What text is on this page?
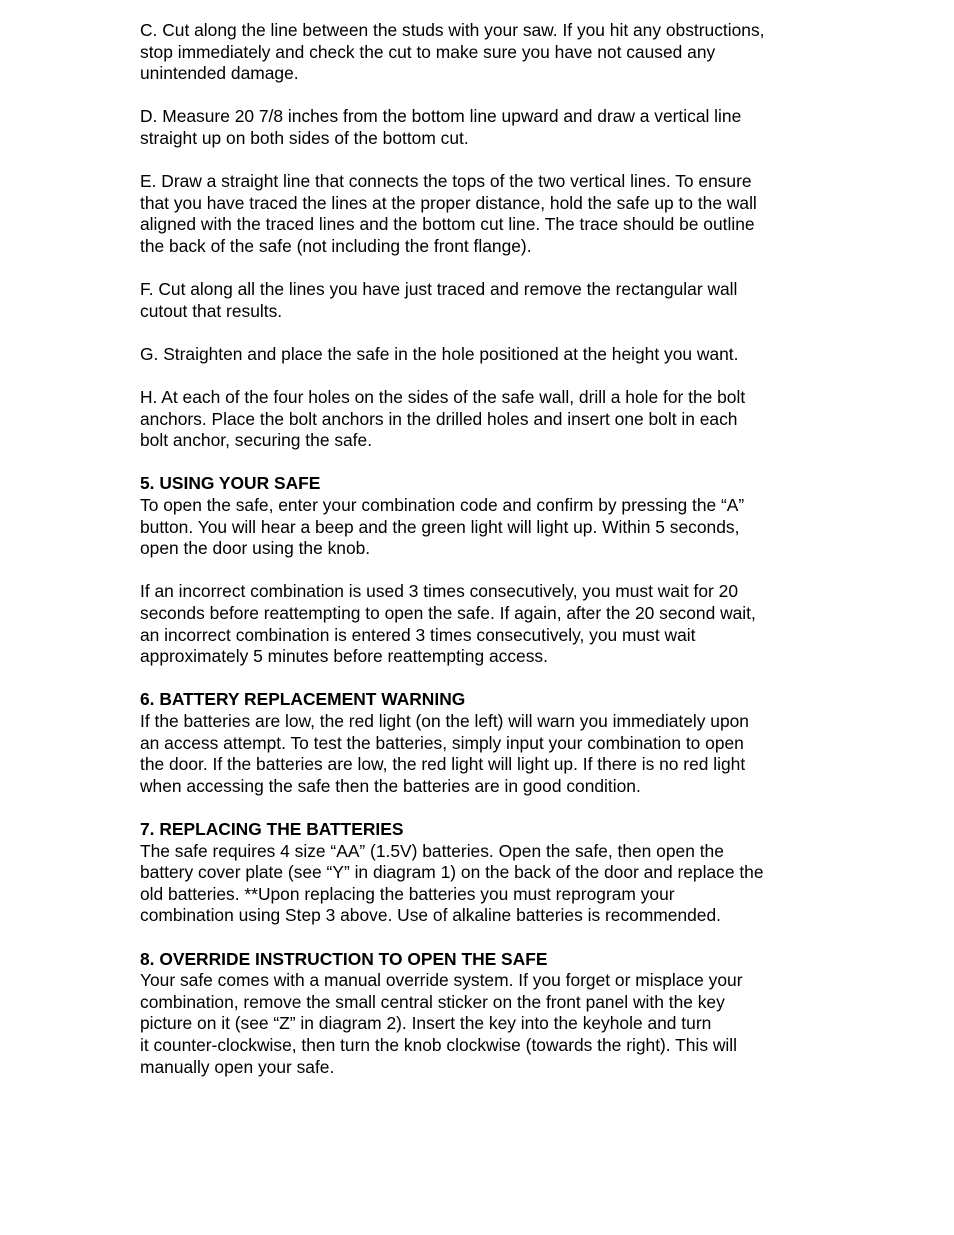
C. Cut along the line between the studs with your saw. If you hit any obstructions,
stop immediately and check the cut to make sure you have not caused any
unintended damage.

D. Measure 20 7/8 inches from the bottom line upward and draw a vertical line
straight up on both sides of the bottom cut.

E. Draw a straight line that connects the tops of the two vertical lines. To ensure
that you have traced the lines at the proper distance, hold the safe up to the wall
aligned with the traced lines and the bottom cut line. The trace should be outline
the back of the safe (not including the front flange).

F. Cut along all the lines you have just traced and remove the rectangular wall
cutout that results.

G. Straighten and place the safe in the hole positioned at the height you want.

H. At each of the four holes on the sides of the safe wall, drill a hole for the bolt
anchors. Place the bolt anchors in the drilled holes and insert one bolt in each
bolt anchor, securing the safe.

5. USING YOUR SAFE

To open the safe, enter your combination code and confirm by pressing the “A”
button. You will hear a beep and the green light will light up. Within 5 seconds,
open the door using the knob.

If an incorrect combination is used 3 times consecutively, you must wait for 20
seconds before reattempting to open the safe. If again, after the 20 second wait,
an incorrect combination is entered 3 times consecutively, you must wait
approximately 5 minutes before reattempting access.

6. BATTERY REPLACEMENT WARNING

If the batteries are low, the red light (on the left) will warn you immediately upon
an access attempt. To test the batteries, simply input your combination to open
the door. If the batteries are low, the red light will light up. If there is no red light
when accessing the safe then the batteries are in good condition.

7. REPLACING THE BATTERIES

The safe requires 4 size “AA” (1.5V) batteries. Open the safe, then open the
battery cover plate (see “Y” in diagram 1) on the back of the door and replace the
old batteries. **Upon replacing the batteries you must reprogram your
combination using Step 3 above. Use of alkaline batteries is recommended.

8. OVERRIDE INSTRUCTION TO OPEN THE SAFE

Your safe comes with a manual override system. If you forget or misplace your
combination, remove the small central sticker on the front panel with the key
picture on it (see “Z” in diagram 2). Insert the key into the keyhole and turn
it counter-clockwise, then turn the knob clockwise (towards the right). This will
manually open your safe.
